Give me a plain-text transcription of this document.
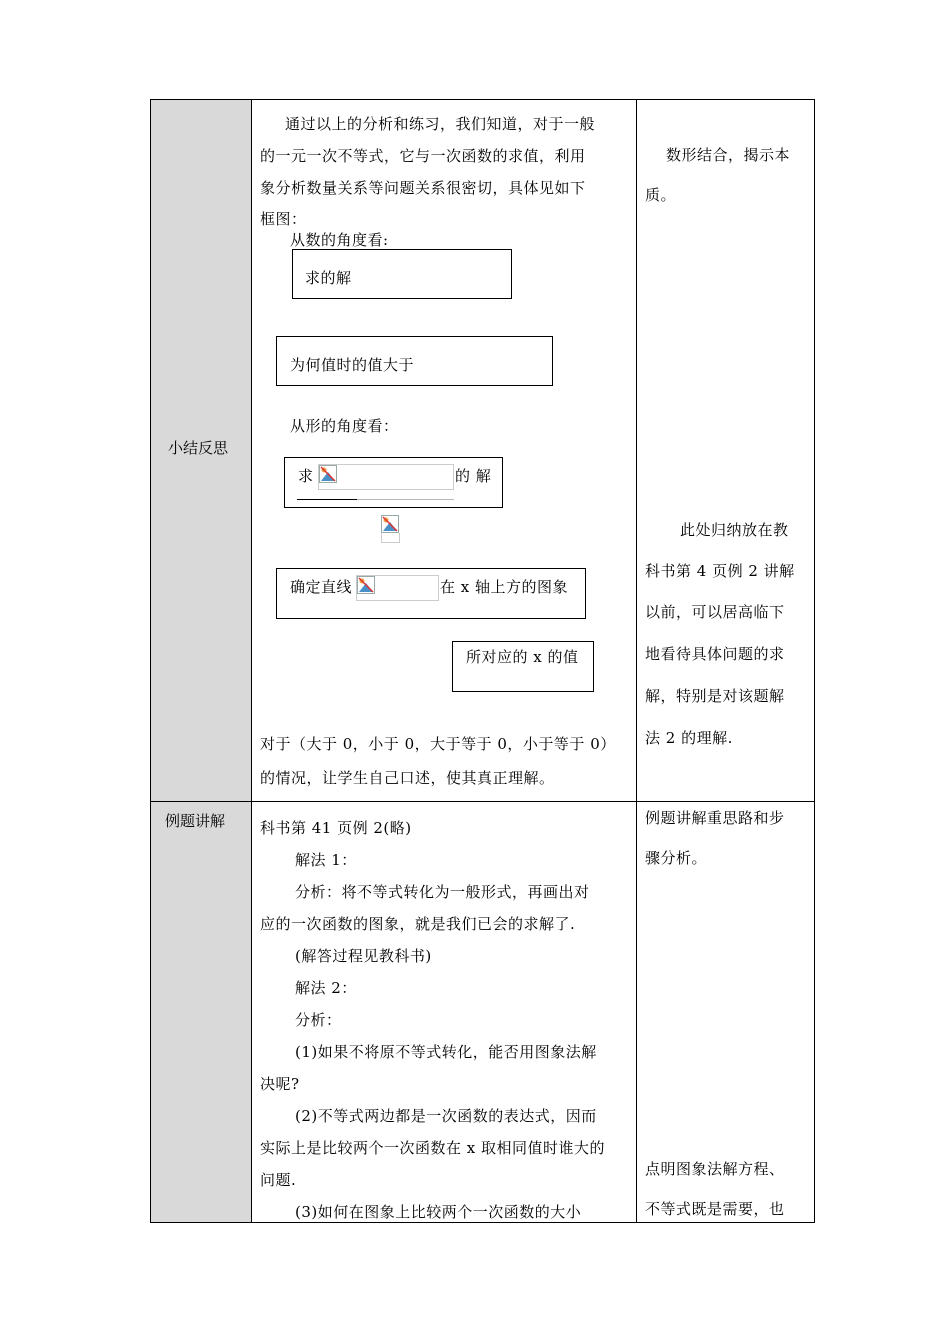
小结反思
通过以上的分析和练习，我们知道，对于一般
的一元一次不等式，它与一次函数的求值，利用
象分析数量关系等问题关系很密切，具体见如下
框图：
从数的角度看:
求的解
为何值时的值大于
从形的角度看：
求	的 解
确定直线	在 x 轴上方的图象
所对应的 x 的值
对于（大于 0，小于 0，大于等于 0，小于等于 0）
的情况，让学生自己口述，使其真正理解。
数形结合，揭示本
质。
此处归纳放在教
科书第 4 页例 2 讲解
以前，可以居高临下
地看待具体问题的求
解，特别是对该题解
法 2 的理解.
例题讲解 科书第 41 页例 2(略)
解法 1：
分析：将不等式转化为一般形式，再画出对
应的一次函数的图象，就是我们已会的求解了.
(解答过程见教科书)
解法 2：
分析：
(1)如果不将原不等式转化，能否用图象法解
决呢?
(2)不等式两边都是一次函数的表达式，因而
实际上是比较两个一次函数在 x 取相同值时谁大的
问题.
(3)如何在图象上比较两个一次函数的大小
例题讲解重思路和步
骤分析。
点明图象法解方程、
不等式既是需要，也
